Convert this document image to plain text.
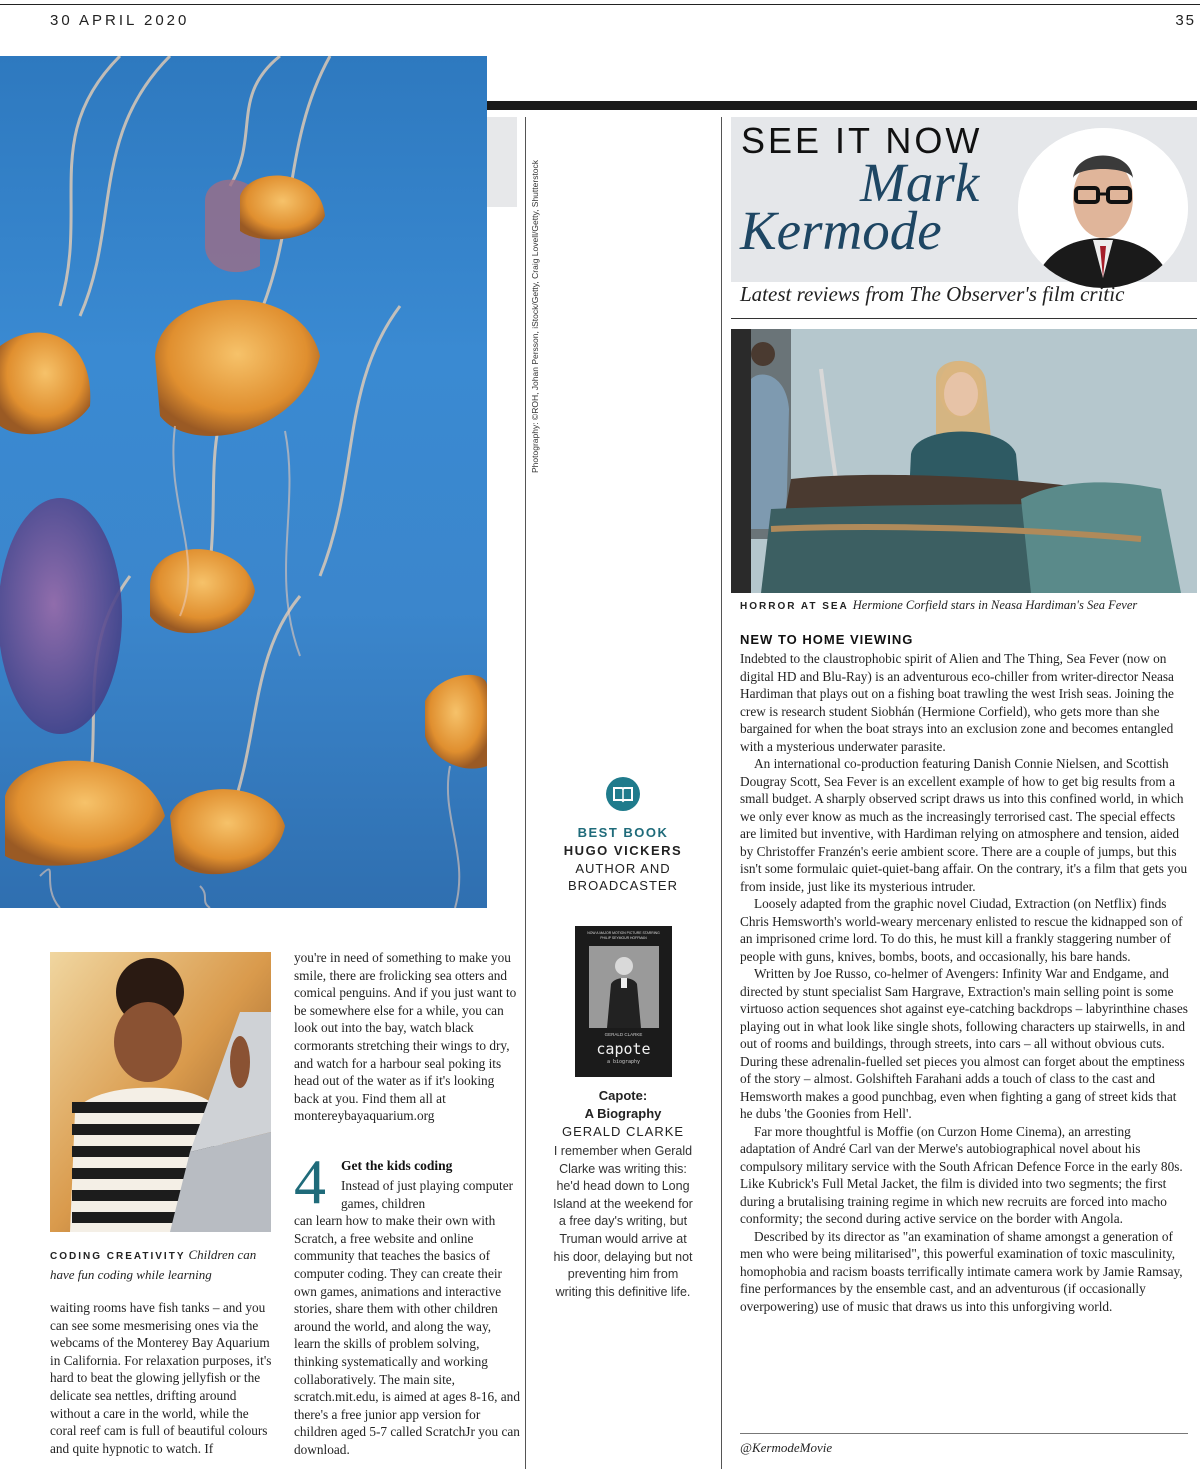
30 APRIL 2020	35
Photography: ©ROH, Johan Persson, iStock/Getty, Craig Lovell/Getty, Shutterstock
CODING CREATIVITY Children can have fun coding while learning
waiting rooms have fish tanks – and you can see some mesmerising ones via the webcams of the Monterey Bay Aquarium in California. For relaxation purposes, it's hard to beat the glowing jellyfish or the delicate sea nettles, drifting around without a care in the world, while the coral reef cam is full of beautiful colours and quite hypnotic to watch. If
you're in need of something to make you smile, there are frolicking sea otters and comical penguins. And if you just want to be somewhere else for a while, you can look out into the bay, watch black cormorants stretching their wings to dry, and watch for a harbour seal poking its head out of the water as if it's looking back at you. Find them all at montereybayaquarium.org
4 Get the kids coding
Instead of just playing computer games, children
can learn how to make their own with Scratch, a free website and online community that teaches the basics of computer coding. They can create their own games, animations and interactive stories, share them with other children around the world, and along the way, learn the skills of problem solving, thinking systematically and working collaboratively. The main site, scratch.mit.edu, is aimed at ages 8-16, and there's a free junior app version for children aged 5-7 called ScratchJr you can download.
BEST BOOK
HUGO VICKERS
AUTHOR AND
BROADCASTER
NOW A MAJOR MOTION PICTURE STARRING
PHILIP SEYMOUR HOFFMAN
GERALD CLARKE
capote
a biography
Capote:
A Biography
GERALD CLARKE
I remember when Gerald Clarke was writing this: he'd head down to Long Island at the weekend for a free day's writing, but Truman would arrive at his door, delaying but not preventing him from writing this definitive life.
SEE IT NOW
Mark
Kermode
Latest reviews from The Observer's film critic
HORROR AT SEA Hermione Corfield stars in Neasa Hardiman's Sea Fever
NEW TO HOME VIEWING

Indebted to the claustrophobic spirit of Alien and The Thing, Sea Fever (now on digital HD and Blu-Ray) is an adventurous eco-chiller from writer-director Neasa Hardiman that plays out on a fishing boat trawling the west Irish seas. Joining the crew is research student Siobhán (Hermione Corfield), who gets more than she bargained for when the boat strays into an exclusion zone and becomes entangled with a mysterious underwater parasite.

An international co-production featuring Danish Connie Nielsen, and Scottish Dougray Scott, Sea Fever is an excellent example of how to get big results from a small budget. A sharply observed script draws us into this confined world, in which we only ever know as much as the increasingly terrorised cast. The special effects are limited but inventive, with Hardiman relying on atmosphere and tension, aided by Christoffer Franzén's eerie ambient score. There are a couple of jumps, but this isn't some formulaic quiet-quiet-bang affair. On the contrary, it's a film that gets you from inside, just like its mysterious intruder.

Loosely adapted from the graphic novel Ciudad, Extraction (on Netflix) finds Chris Hemsworth's world-weary mercenary enlisted to rescue the kidnapped son of an imprisoned crime lord. To do this, he must kill a frankly staggering number of people with guns, knives, bombs, boots, and occasionally, his bare hands.

Written by Joe Russo, co-helmer of Avengers: Infinity War and Endgame, and directed by stunt specialist Sam Hargrave, Extraction's main selling point is some virtuoso action sequences shot against eye-catching backdrops – labyrinthine chases playing out in what look like single shots, following characters up stairwells, in and out of rooms and buildings, through streets, into cars – all without obvious cuts. During these adrenalin-fuelled set pieces you almost can forget about the emptiness of the story – almost. Golshifteh Farahani adds a touch of class to the cast and Hemsworth makes a good punchbag, even when fighting a gang of street kids that he dubs 'the Goonies from Hell'.

Far more thoughtful is Moffie (on Curzon Home Cinema), an arresting adaptation of André Carl van der Merwe's autobiographical novel about his compulsory military service with the South African Defence Force in the early 80s. Like Kubrick's Full Metal Jacket, the film is divided into two segments; the first during a brutalising training regime in which new recruits are forced into macho conformity; the second during active service on the border with Angola.

Described by its director as "an examination of shame amongst a generation of men who were being militarised", this powerful examination of toxic masculinity, homophobia and racism boasts terrifically intimate camera work by Jamie Ramsay, fine performances by the ensemble cast, and an adventurous (if occasionally overpowering) use of music that draws us into this unforgiving world.

@KermodeMovie
